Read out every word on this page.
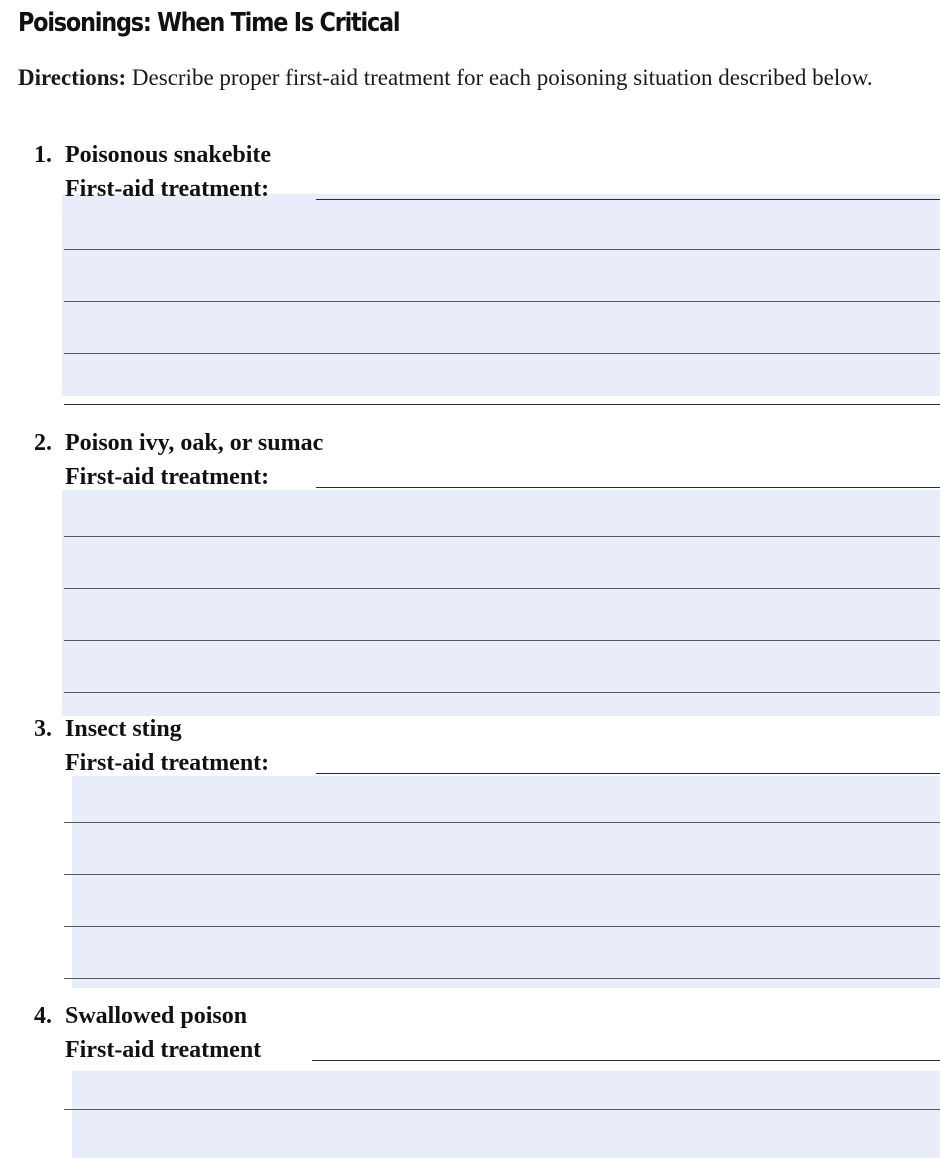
Poisonings: When Time Is Critical
Directions: Describe proper first-aid treatment for each poisoning situation described below.
1. Poisonous snakebite
First-aid treatment:
2. Poison ivy, oak, or sumac
First-aid treatment:
3. Insect sting
First-aid treatment:
4. Swallowed poison
First-aid treatment
